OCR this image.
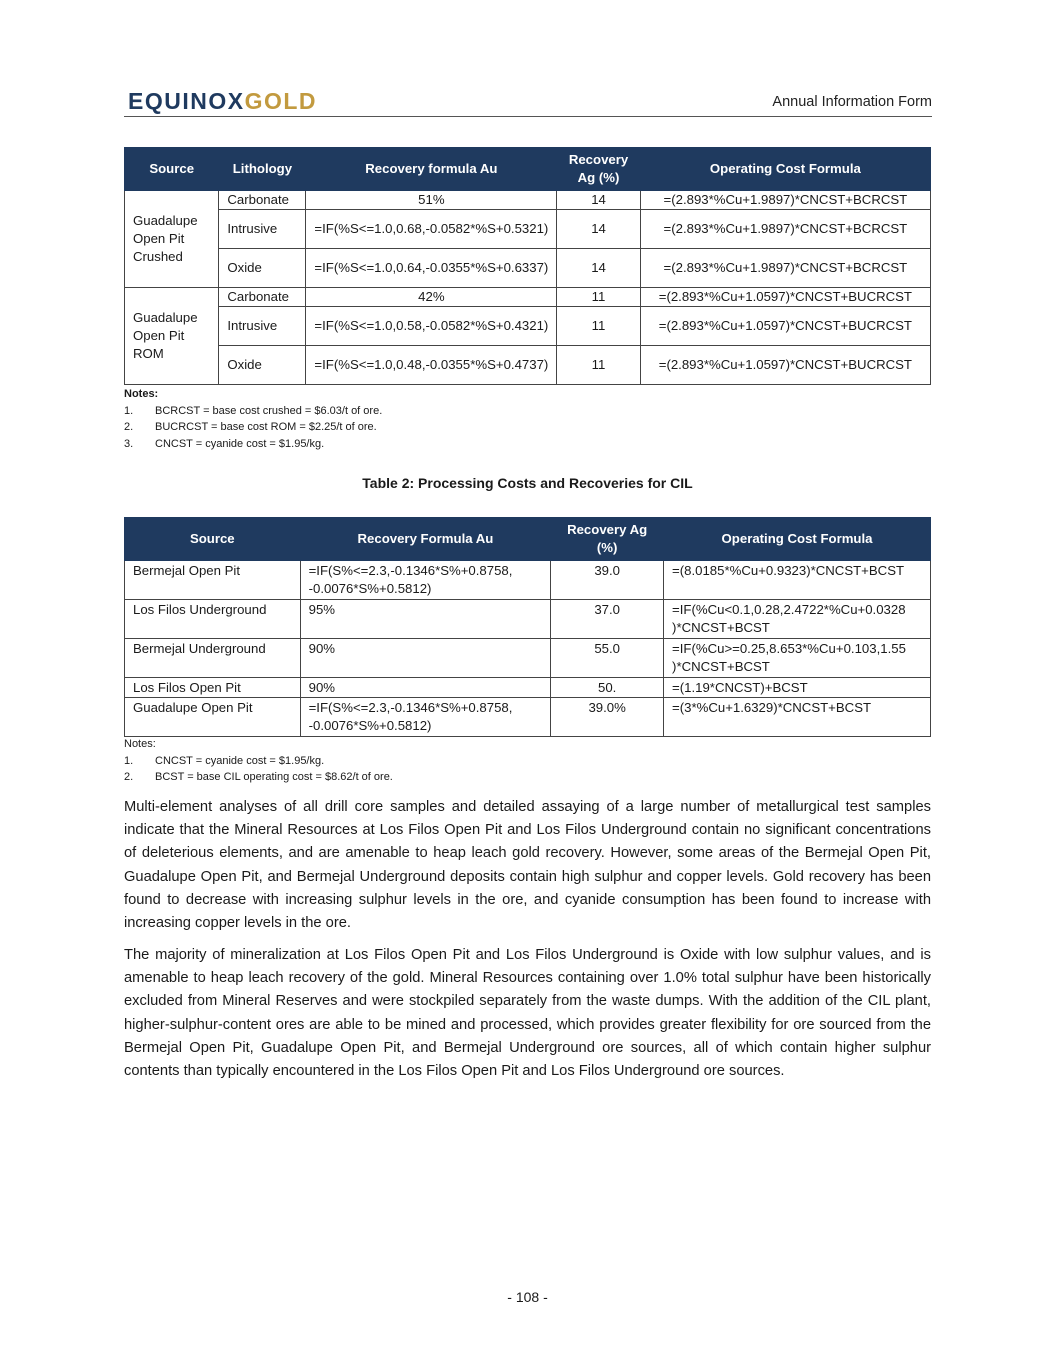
EQUINOXGOLD	Annual Information Form
Source	Lithology	Recovery formula Au	Recovery Ag (%)	Operating Cost Formula
Guadalupe Open Pit Crushed	Carbonate	51%	14	=(2.893*%Cu+1.9897)*CNCST+BCRCST
	Intrusive	=IF(%S<=1.0,0.68,-0.0582*%S+0.5321)	14	=(2.893*%Cu+1.9897)*CNCST+BCRCST
	Oxide	=IF(%S<=1.0,0.64,-0.0355*%S+0.6337)	14	=(2.893*%Cu+1.9897)*CNCST+BCRCST
Guadalupe Open Pit ROM	Carbonate	42%	11	=(2.893*%Cu+1.0597)*CNCST+BUCRCST
	Intrusive	=IF(%S<=1.0,0.58,-0.0582*%S+0.4321)	11	=(2.893*%Cu+1.0597)*CNCST+BUCRCST
	Oxide	=IF(%S<=1.0,0.48,-0.0355*%S+0.4737)	11	=(2.893*%Cu+1.0597)*CNCST+BUCRCST
Notes:
1. BCRCST = base cost crushed = $6.03/t of ore.
2. BUCRCST = base cost ROM = $2.25/t of ore.
3. CNCST = cyanide cost = $1.95/kg.
Table 2: Processing Costs and Recoveries for CIL
Source	Recovery Formula Au	Recovery Ag (%)	Operating Cost Formula
Bermejal Open Pit	=IF(S%<=2.3,-0.1346*S%+0.8758, -0.0076*S%+0.5812)	39.0	=(8.0185*%Cu+0.9323)*CNCST+BCST
Los Filos Underground	95%	37.0	=IF(%Cu<0.1,0.28,2.4722*%Cu+0.0328 )*CNCST+BCST
Bermejal Underground	90%	55.0	=IF(%Cu>=0.25,8.653*%Cu+0.103,1.55 )*CNCST+BCST
Los Filos Open Pit	90%	50.	=(1.19*CNCST)+BCST
Guadalupe Open Pit	=IF(S%<=2.3,-0.1346*S%+0.8758, -0.0076*S%+0.5812)	39.0%	=(3*%Cu+1.6329)*CNCST+BCST
Notes:
1. CNCST = cyanide cost = $1.95/kg.
2. BCST = base CIL operating cost = $8.62/t of ore.

Multi-element analyses of all drill core samples and detailed assaying of a large number of metallurgical test samples indicate that the Mineral Resources at Los Filos Open Pit and Los Filos Underground contain no significant concentrations of deleterious elements, and are amenable to heap leach gold recovery. However, some areas of the Bermejal Open Pit, Guadalupe Open Pit, and Bermejal Underground deposits contain high sulphur and copper levels. Gold recovery has been found to decrease with increasing sulphur levels in the ore, and cyanide consumption has been found to increase with increasing copper levels in the ore.

The majority of mineralization at Los Filos Open Pit and Los Filos Underground is Oxide with low sulphur values, and is amenable to heap leach recovery of the gold. Mineral Resources containing over 1.0% total sulphur have been historically excluded from Mineral Reserves and were stockpiled separately from the waste dumps. With the addition of the CIL plant, higher-sulphur-content ores are able to be mined and processed, which provides greater flexibility for ore sourced from the Bermejal Open Pit, Guadalupe Open Pit, and Bermejal Underground ore sources, all of which contain higher sulphur contents than typically encountered in the Los Filos Open Pit and Los Filos Underground ore sources.

- 108 -
